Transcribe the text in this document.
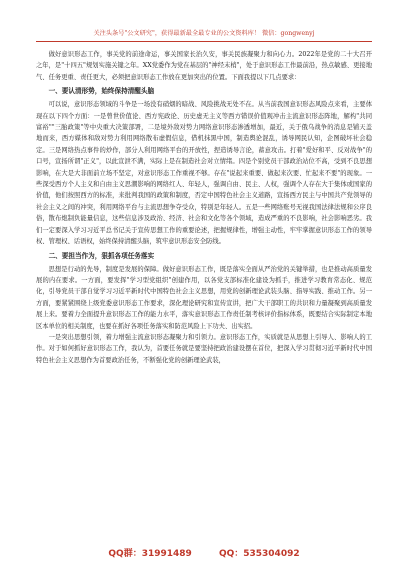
关注头条号"公文研究"，获得最新最全最专业的公文资料库！ 微信：gongwenyj

做好意识形态工作，事关党的前途命运，事关国家长治久安，事关民族凝聚力和向心力。2022年是党的二十大召开之年，是"十四五"规划实施关键之年。XX党委作为党在基层的"神经末梢"，处于意识形态工作最前沿，热点敏感、更接地气、任务更重、责任更大，必须把意识形态工作放在更加突出的位置。下面我提以下几点要求：

一、要认清形势，始终保持清醒头脑

可以说，意识形态领域的斗争是一场没有硝烟的暗战、风险挑战无处不在。从当前我国意识形态风险点来看，主要体现在以下四个方面：一是曾世价值论、西方宪政论、历史虚无主义等西方错误价值观冲击主流意识形态阵地，解构"共同富裕""三胎政策"等中央重大决策部署，二是境外敌对势力网络意识形态渗透增加，最近，关于俄乌战争的消息是铺天盖地而来，西方媒体和敌对势力利用网络散布虚假信息，借机抹黑中国，制造舆论混乱，诱导网民认知，企图破坏社会稳定。三是网络热点事件的炒作，部分人利用网络平台的开放性，捏造诱导言论，蓄意攻击。打着"爱好和平、反对战争"的口号，宣扬所谓"正义"，以此宣泄不满，实际上是在制造社会对立情绪。四是个别党员干部政治站位不高，受到不良思想影响，在大是大非面前立场不坚定，对意识形态工作重视不够。存在"说起来重要、做起来次要、忙起来不要"的现象。一些深受西方个人主义和自由主义思潮影响的网络红人、年轻人，强调自由、民主、人权，强调个人存在大于集体或国家的价值，他们按照西方的标准，来批判我国的政策和制度，否定中国特色社会主义道路，宣扬西方民主与中国共产党领导的社会主义之间的冲突，利用网络平台与主流思想争夺受众，特别是年轻人。五是一些网络账号无视我国法律法规和公序良俗，散布炮制负能量信息，这些信息涉及政治、经济、社会和文化等各个领域，造成严重的不良影响，社会影响恶劣。我们一定要深入学习习近平总书记关于宣传思想工作的重要论述，把握规律性，增强主动性，牢牢掌握意识形态工作的领导权、管理权、话语权，始终保持清醒头脑，筑牢意识形态安全防线。

二、要担当作为，狠抓各项任务落实

思想是行动的先导，制度是发展的保障。做好意识形态工作，既是落实全面从严治党的关键举措，也是推动高质量发展的内在要求。一方面，要发挥"学习型党组织"创建作用，以各党支部标准化建设为抓手，推进学习教育常态化、规范化，引导党员干部自觉学习习近平新时代中国特色社会主义思想，用党的创新理论武装头脑、指导实践、推动工作。另一方面，要紧紧围绕上级党委意识形态工作要求，深化理论研究和宣传宣讲，把广大干部职工的共识和力量凝聚到高质量发展上来。要着力全面提升意识形态工作的能力水平，落实意识形态工作责任制考核评价指标体系，既要结合实际制定本地区本单位的相关制度，也要在抓好各项任务落实和防范风险上下功夫、出实招。

一是突出思想引领，着力增强主流意识形态凝聚力和引领力。意识形态工作，实质就是从思想上引导人、影响人的工作。对于如何抓好意识形态工作，我认为，首要任务就是要坚持把政治建设摆在首位，把深入学习贯彻习近平新时代中国特色社会主义思想作为首要政治任务，不断强化党的创新理论武装，

QQ群：31991489	QQ：535304092
